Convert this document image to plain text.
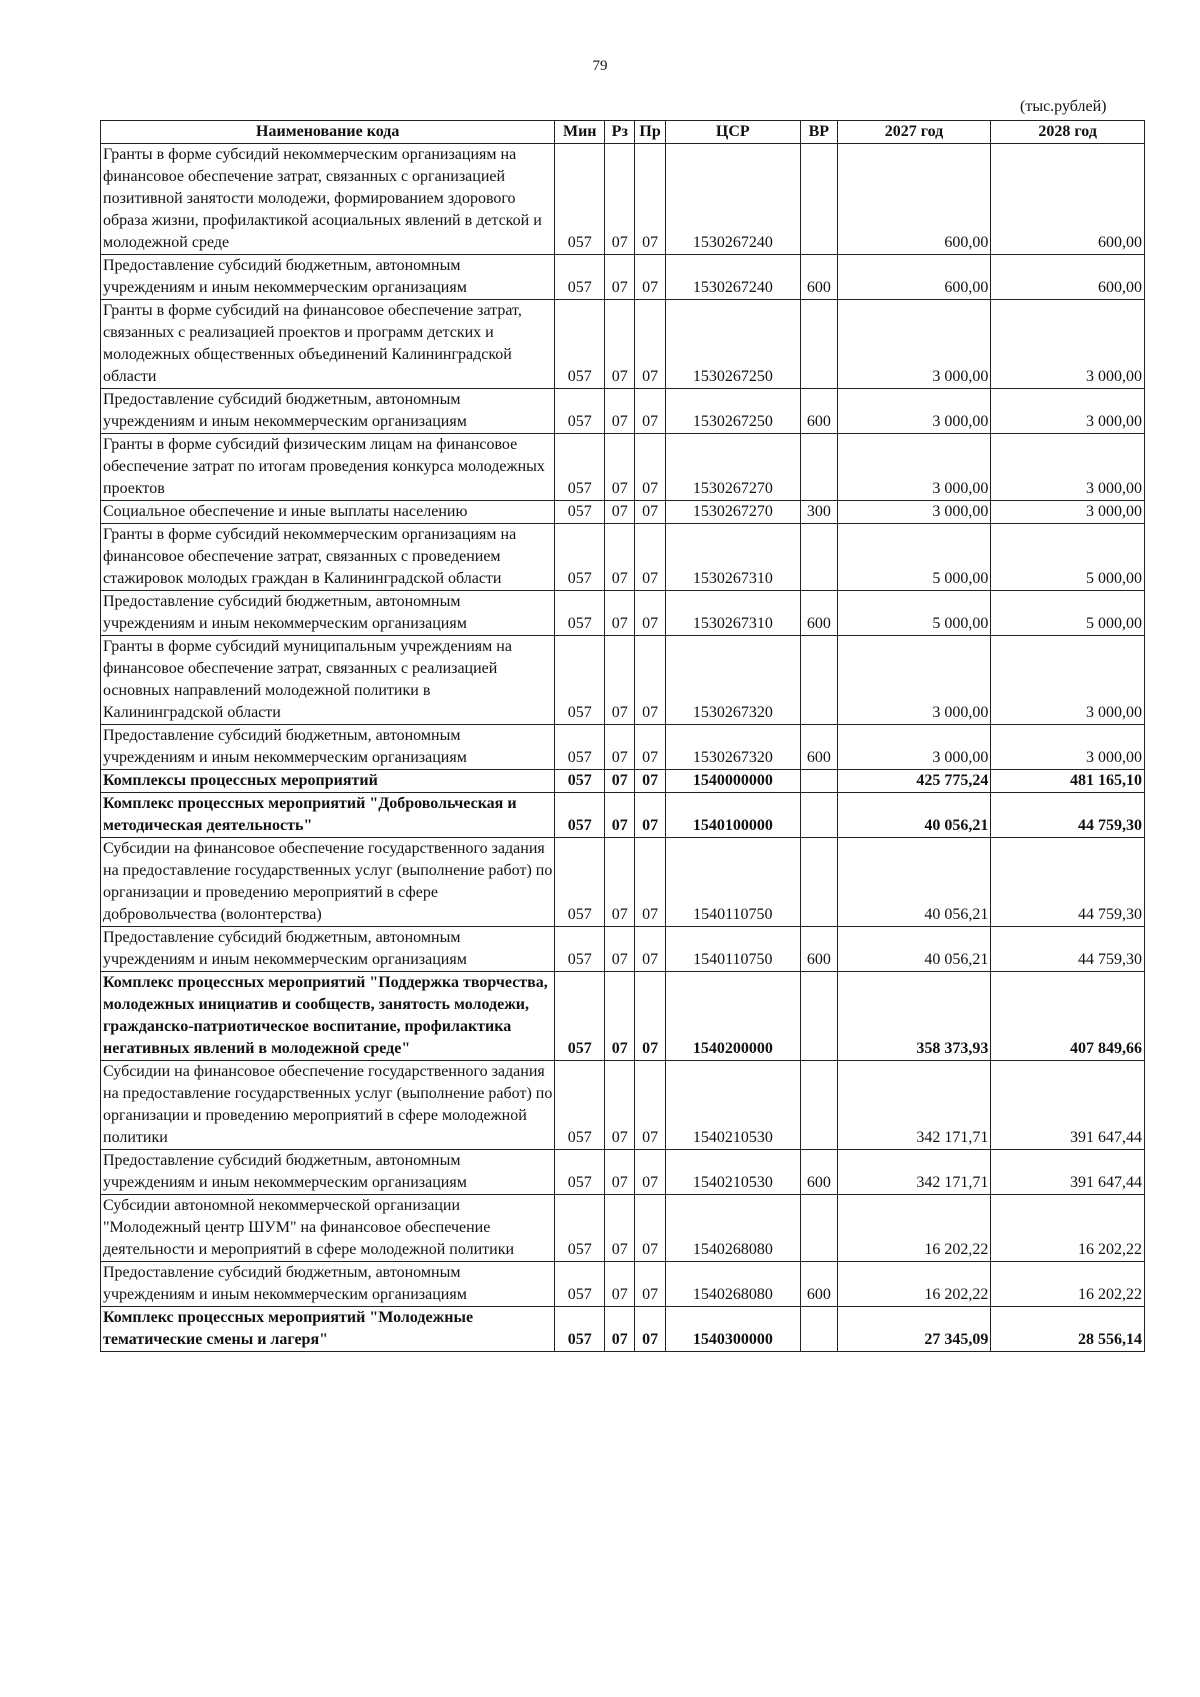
79
(тыс.рублей)
Наименование кода	Мин	Рз	Пр	ЦСР	ВР	2027 год	2028 год
Гранты в форме субсидий некоммерческим организациям на финансовое обеспечение затрат, связанных с организацией позитивной занятости молодежи, формированием здорового образа жизни, профилактикой асоциальных явлений в детской и молодежной среде	057	07	07	1530267240		600,00	600,00
Предоставление субсидий бюджетным, автономным учреждениям и иным некоммерческим организациям	057	07	07	1530267240	600	600,00	600,00
Гранты в форме субсидий на финансовое обеспечение затрат, связанных с реализацией проектов и программ детских и молодежных общественных объединений Калининградской области	057	07	07	1530267250		3 000,00	3 000,00
Предоставление субсидий бюджетным, автономным учреждениям и иным некоммерческим организациям	057	07	07	1530267250	600	3 000,00	3 000,00
Гранты в форме субсидий физическим лицам на финансовое обеспечение затрат по итогам проведения конкурса молодежных проектов	057	07	07	1530267270		3 000,00	3 000,00
Социальное обеспечение и иные выплаты населению	057	07	07	1530267270	300	3 000,00	3 000,00
Гранты в форме субсидий некоммерческим организациям на финансовое обеспечение затрат, связанных с проведением стажировок молодых граждан в Калининградской области	057	07	07	1530267310		5 000,00	5 000,00
Предоставление субсидий бюджетным, автономным учреждениям и иным некоммерческим организациям	057	07	07	1530267310	600	5 000,00	5 000,00
Гранты в форме субсидий муниципальным учреждениям на финансовое обеспечение затрат, связанных с реализацией основных направлений молодежной политики в Калининградской области	057	07	07	1530267320		3 000,00	3 000,00
Предоставление субсидий бюджетным, автономным учреждениям и иным некоммерческим организациям	057	07	07	1530267320	600	3 000,00	3 000,00
Комплексы процессных мероприятий	057	07	07	1540000000		425 775,24	481 165,10
Комплекс процессных мероприятий "Добровольческая и методическая деятельность"	057	07	07	1540100000		40 056,21	44 759,30
Субсидии на финансовое обеспечение государственного задания на предоставление государственных услуг (выполнение работ) по организации и проведению мероприятий в сфере добровольчества (волонтерства)	057	07	07	1540110750		40 056,21	44 759,30
Предоставление субсидий бюджетным, автономным учреждениям и иным некоммерческим организациям	057	07	07	1540110750	600	40 056,21	44 759,30
Комплекс процессных мероприятий "Поддержка творчества, молодежных инициатив и сообществ, занятость молодежи, гражданско-патриотическое воспитание, профилактика негативных явлений в молодежной среде"	057	07	07	1540200000		358 373,93	407 849,66
Субсидии на финансовое обеспечение государственного задания на предоставление государственных услуг (выполнение работ) по организации и проведению мероприятий в сфере молодежной политики	057	07	07	1540210530		342 171,71	391 647,44
Предоставление субсидий бюджетным, автономным учреждениям и иным некоммерческим организациям	057	07	07	1540210530	600	342 171,71	391 647,44
Субсидии автономной некоммерческой организации "Молодежный центр ШУМ" на финансовое обеспечение деятельности и мероприятий в сфере молодежной политики	057	07	07	1540268080		16 202,22	16 202,22
Предоставление субсидий бюджетным, автономным учреждениям и иным некоммерческим организациям	057	07	07	1540268080	600	16 202,22	16 202,22
Комплекс процессных мероприятий "Молодежные тематические смены и лагеря"	057	07	07	1540300000		27 345,09	28 556,14
